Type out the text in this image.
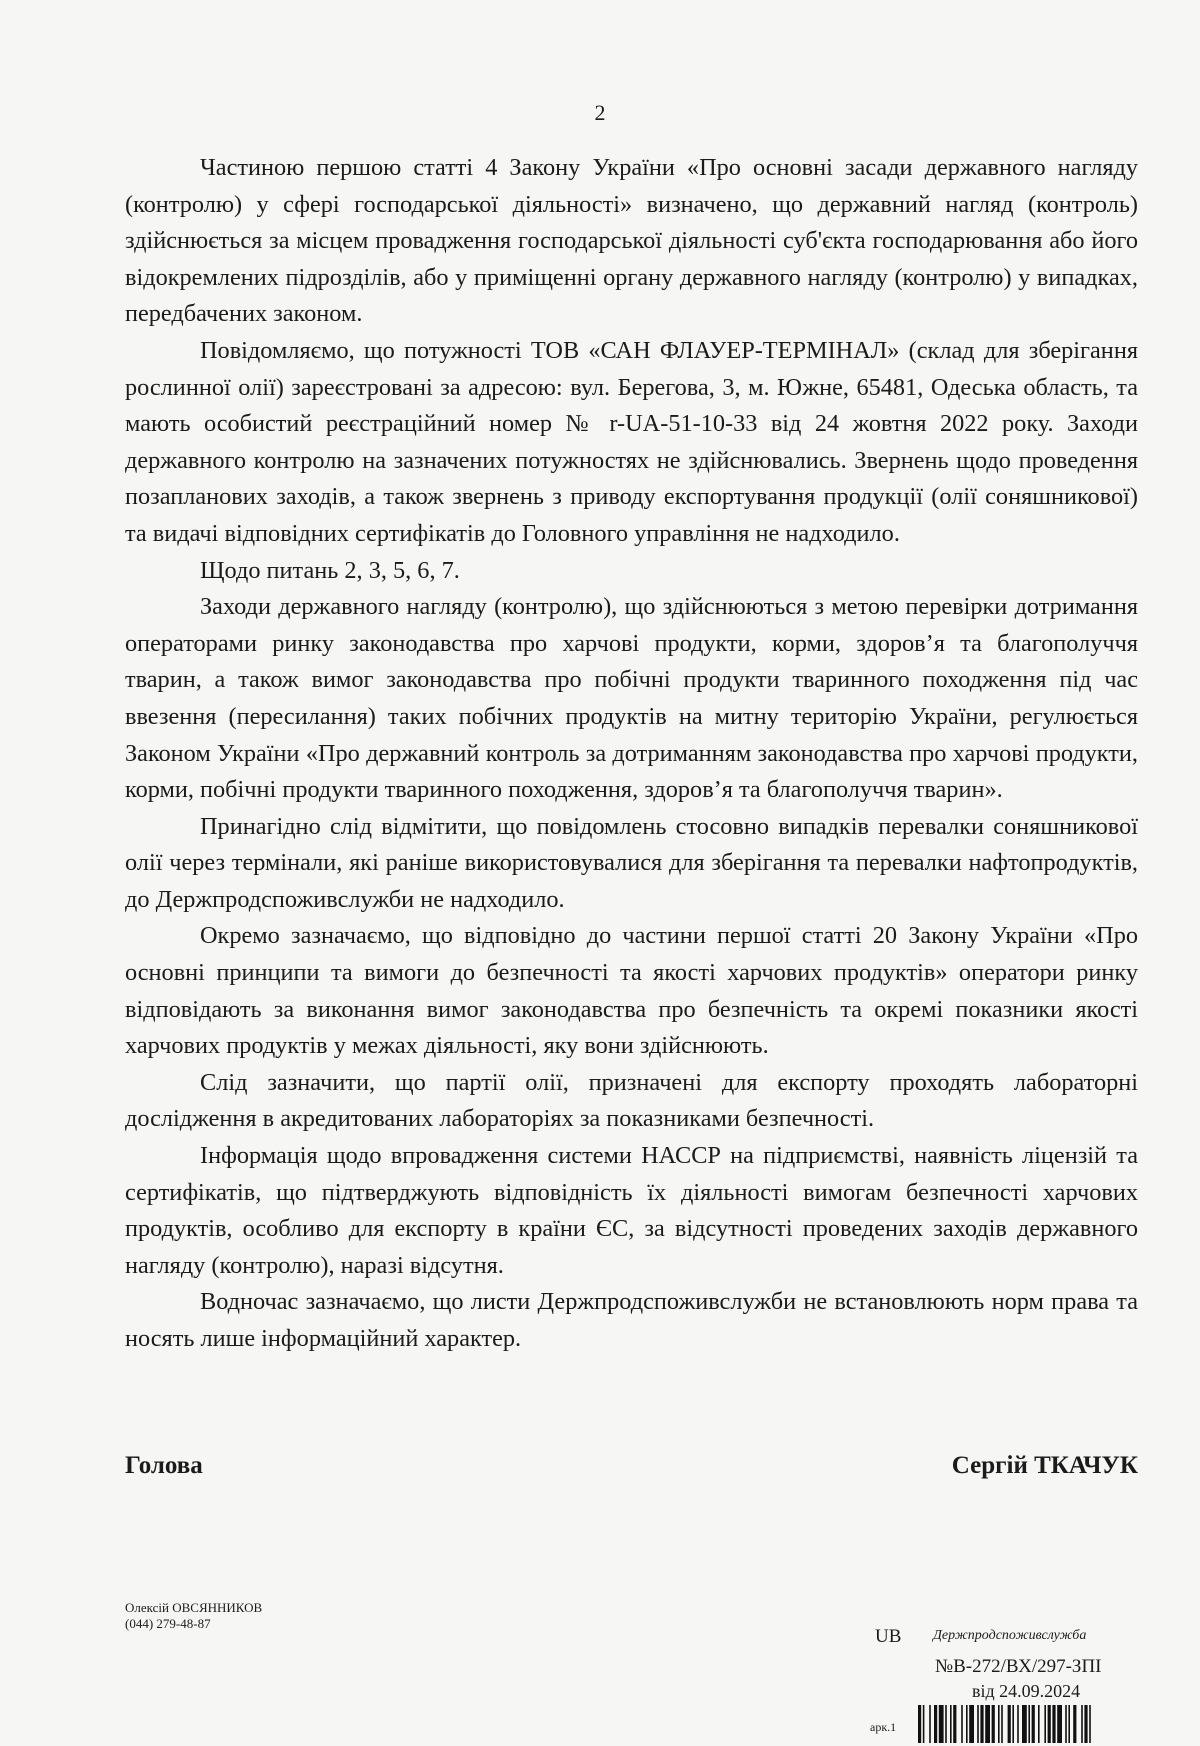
2

Частиною першою статті 4 Закону України «Про основні засади державного нагляду (контролю) у сфері господарської діяльності» визначено, що державний нагляд (контроль) здійснюється за місцем провадження господарської діяльності суб'єкта господарювання або його відокремлених підрозділів, або у приміщенні органу державного нагляду (контролю) у випадках, передбачених законом.

Повідомляємо, що потужності ТОВ «САН ФЛАУЕР-ТЕРМІНАЛ» (склад для зберігання рослинної олії) зареєстровані за адресою: вул. Берегова, 3, м. Южне, 65481, Одеська область, та мають особистий реєстраційний номер № r-UA-51-10-33 від 24 жовтня 2022 року. Заходи державного контролю на зазначених потужностях не здійснювались. Звернень щодо проведення позапланових заходів, а також звернень з приводу експортування продукції (олії соняшникової) та видачі відповідних сертифікатів до Головного управління не надходило.

Щодо питань 2, 3, 5, 6, 7.

Заходи державного нагляду (контролю), що здійснюються з метою перевірки дотримання операторами ринку законодавства про харчові продукти, корми, здоров’я та благополуччя тварин, а також вимог законодавства про побічні продукти тваринного походження під час ввезення (пересилання) таких побічних продуктів на митну територію України, регулюється Законом України «Про державний контроль за дотриманням законодавства про харчові продукти, корми, побічні продукти тваринного походження, здоров’я та благополуччя тварин».

Принагідно слід відмітити, що повідомлень стосовно випадків перевалки соняшникової олії через термінали, які раніше використовувалися для зберігання та перевалки нафтопродуктів, до Держпродспоживслужби не надходило.

Окремо зазначаємо, що відповідно до частини першої статті 20 Закону України «Про основні принципи та вимоги до безпечності та якості харчових продуктів» оператори ринку відповідають за виконання вимог законодавства про безпечність та окремі показники якості харчових продуктів у межах діяльності, яку вони здійснюють.

Слід зазначити, що партії олії, призначені для експорту проходять лабораторні дослідження в акредитованих лабораторіях за показниками безпечності.

Інформація щодо впровадження системи НАССР на підприємстві, наявність ліцензій та сертифікатів, що підтверджують відповідність їх діяльності вимогам безпечності харчових продуктів, особливо для експорту в країни ЄС, за відсутності проведених заходів державного нагляду (контролю), наразі відсутня.

Водночас зазначаємо, що листи Держпродспоживслужби не встановлюють норм права та носять лише інформаційний характер.

Голова	Сергій ТКАЧУК
Олексій ОВСЯННИКОВ
(044) 279-48-87
UB Держпродспоживслужба
№В-272/ВХ/297-ЗПІ
від 24.09.2024
арк.1
